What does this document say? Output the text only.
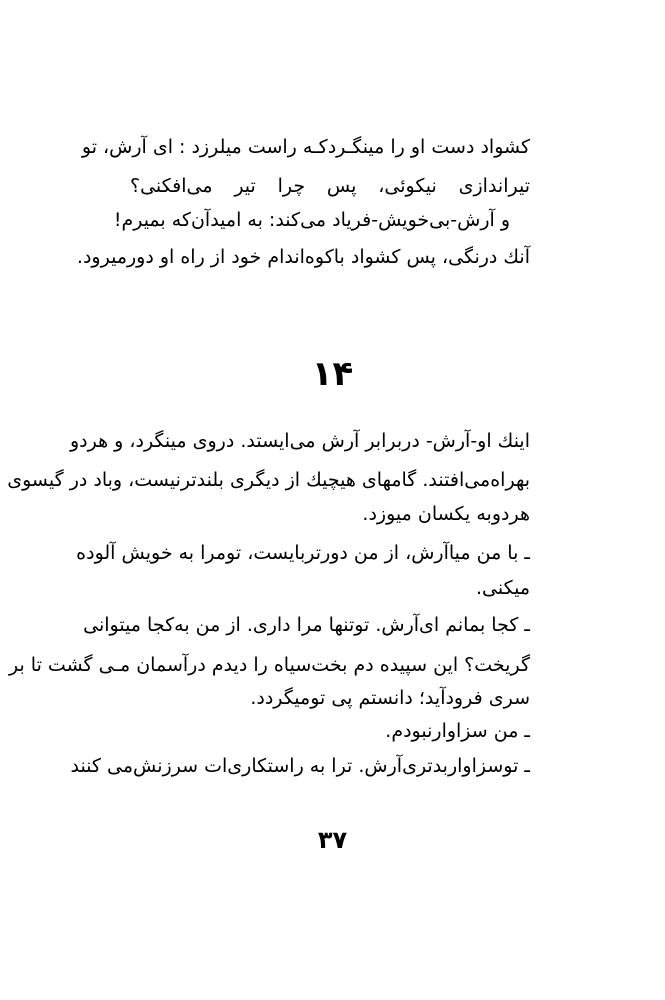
کشواد دست او را مینگـردکـه راست میلرزد : ای آرش، تو
تیراندازی نیکوئی، پس چرا تیر می‌افکنی؟
و آرش-بی‌خویش-فریاد می‌کند: به امیدآن‌که بمیرم!
آنك درنگی، پس کشواد باکوه‌اندام خود از راه او دورمیرود.
۱۴
اینك او-آرش- دربرابر آرش می‌ایستد. دروی مینگرد، و هردو
بهراه‌می‌افتند. گامهای هیچیك از دیگری بلندترنیست، وباد در گیسوی
هردوبه یکسان میوزد.
ـ با من میاآرش، از من دورتربایست، تومرا به خویش آلوده
میکنی.
ـ کجا بمانم ای‌آرش. توتنها مرا داری. از من به‌کجا میتوانی
گریخت؟ این سپیده دم بخت‌سیاه را دیدم درآسمان مـی گشت تا بر
سری فرودآید؛ دانستم پی تومیگردد.
ـ من سزاوارنبودم.
ـ توسزاواربدتری‌آرش. ترا به راستکاری‌ات سرزنش‌می کنند
۳۷
